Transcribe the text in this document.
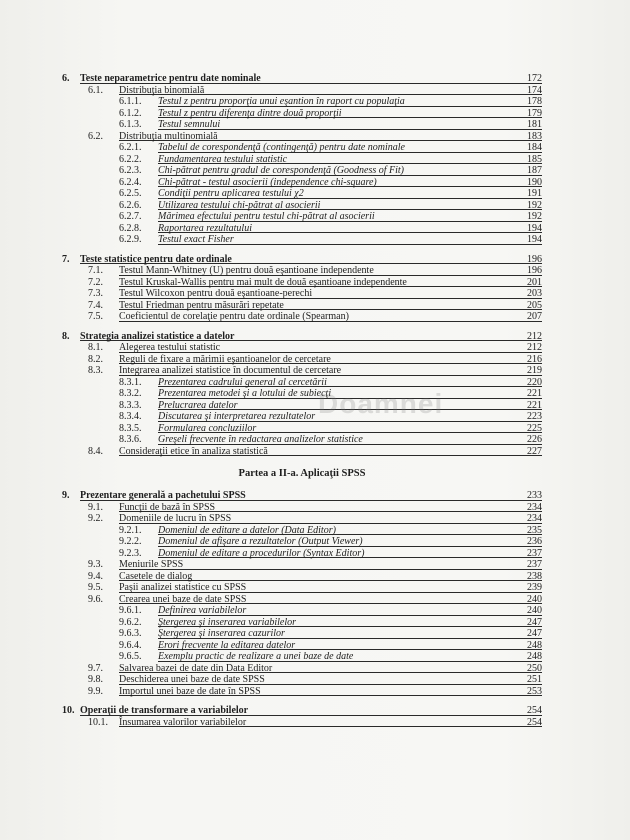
6. Teste neparametrice pentru date nominale	172
6.1. Distribuţia binomială	174
6.1.1. Testul z pentru proporţia unui eşantion în raport cu populaţia	178
6.1.2. Testul z pentru diferenţa dintre două proporţii	179
6.1.3. Testul semnului	181
6.2. Distribuţia multinomială	183
6.2.1. Tabelul de corespondenţă (contingenţă) pentru date nominale	184
6.2.2. Fundamentarea testului statistic	185
6.2.3. Chi-pătrat pentru gradul de corespondenţă (Goodness of Fit)	187
6.2.4. Chi-pătrat - testul asocierii (independence chi-square)	190
6.2.5. Condiţii pentru aplicarea testului χ2	191
6.2.6. Utilizarea testului chi-pătrat al asocierii	192
6.2.7. Mărimea efectului pentru testul chi-pătrat al asocierii	192
6.2.8. Raportarea rezultatului	194
6.2.9. Testul exact Fisher	194
7. Teste statistice pentru date ordinale	196
7.1. Testul Mann-Whitney (U) pentru două eşantioane independente	196
7.2. Testul Kruskal-Wallis pentru mai mult de două eşantioane independente	201
7.3. Testul Wilcoxon pentru două eşantioane-perechi	203
7.4. Testul Friedman pentru măsurări repetate	205
7.5. Coeficientul de corelaţie pentru date ordinale (Spearman)	207
8. Strategia analizei statistice a datelor	212
8.1. Alegerea testului statistic	212
8.2. Reguli de fixare a mărimii eşantioanelor de cercetare	216
8.3. Integrarea analizei statistice în documentul de cercetare	219
8.3.1. Prezentarea cadrului general al cercetării	220
8.3.2. Prezentarea metodei şi a lotului de subiecţi	221
8.3.3. Prelucrarea datelor	221
8.3.4. Discutarea şi interpretarea rezultatelor	223
8.3.5. Formularea concluziilor	225
8.3.6. Greşeli frecvente în redactarea analizelor statistice	226
8.4. Consideraţii etice în analiza statistică	227
Partea a II-a. Aplicaţii SPSS
9. Prezentare generală a pachetului SPSS	233
9.1. Funcţii de bază în SPSS	234
9.2. Domeniile de lucru în SPSS	234
9.2.1. Domeniul de editare a datelor (Data Editor)	235
9.2.2. Domeniul de afişare a rezultatelor (Output Viewer)	236
9.2.3. Domeniul de editare a procedurilor (Syntax Editor)	237
9.3. Meniurile SPSS	237
9.4. Casetele de dialog	238
9.5. Paşii analizei statistice cu SPSS	239
9.6. Crearea unei baze de date SPSS	240
9.6.1. Definirea variabilelor	240
9.6.2. Ştergerea şi inserarea variabilelor	247
9.6.3. Ştergerea şi inserarea cazurilor	247
9.6.4. Erori frecvente la editarea datelor	248
9.6.5. Exemplu practic de realizare a unei baze de date	248
9.7. Salvarea bazei de date din Data Editor	250
9.8. Deschiderea unei baze de date SPSS	251
9.9. Importul unei baze de date în SPSS	253
10. Operaţii de transformare a variabilelor	254
10.1. Însumarea valorilor variabilelor	254
Doamnei
